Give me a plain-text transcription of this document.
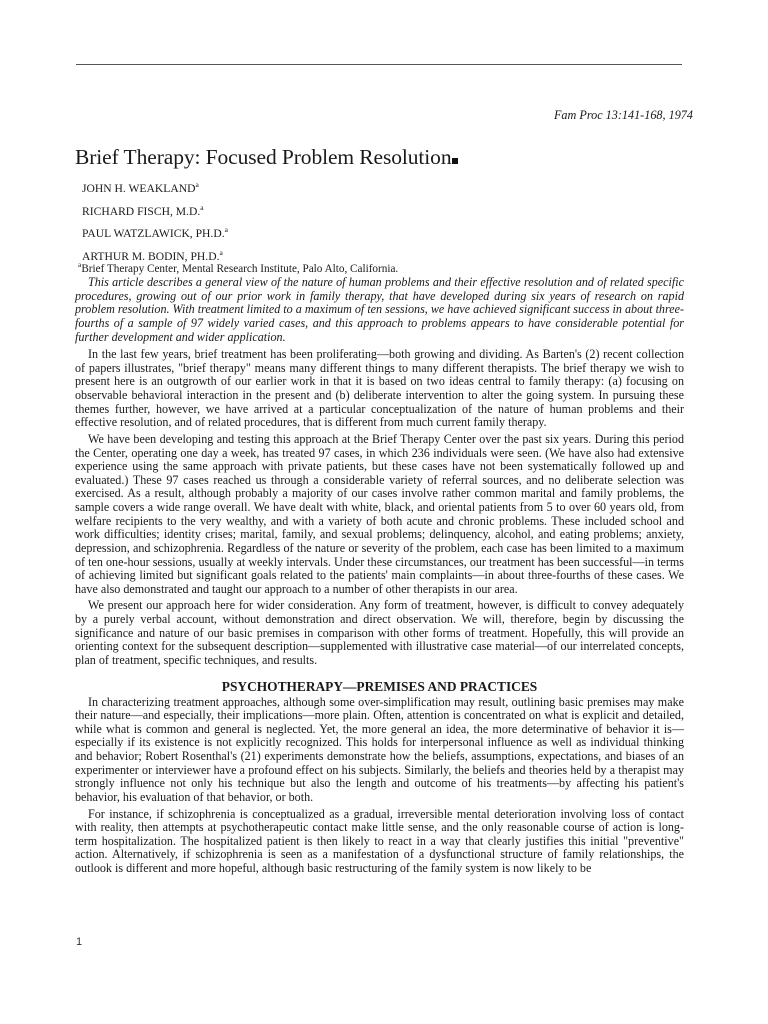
Fam Proc 13:141-168, 1974
Brief Therapy: Focused Problem Resolution
JOHN H. WEAKLAND$^a$
RICHARD FISCH, M.D.$^a$
PAUL WATZLAWICK, PH.D.$^a$
ARTHUR M. BODIN, PH.D.$^a$
$^a$Brief Therapy Center, Mental Research Institute, Palo Alto, California.

This article describes a general view of the nature of human problems and their effective resolution and of related specific procedures, growing out of our prior work in family therapy, that have developed during six years of research on rapid problem resolution. With treatment limited to a maximum of ten sessions, we have achieved significant success in about three-fourths of a sample of 97 widely varied cases, and this approach to problems appears to have considerable potential for further development and wider application.

In the last few years, brief treatment has been proliferating—both growing and dividing. As Barten's (2) recent collection of papers illustrates, "brief therapy" means many different things to many different therapists. The brief therapy we wish to present here is an outgrowth of our earlier work in that it is based on two ideas central to family therapy: (a) focusing on observable behavioral interaction in the present and (b) deliberate intervention to alter the going system. In pursuing these themes further, however, we have arrived at a particular conceptualization of the nature of human problems and their effective resolution, and of related procedures, that is different from much current family therapy.

We have been developing and testing this approach at the Brief Therapy Center over the past six years. During this period the Center, operating one day a week, has treated 97 cases, in which 236 individuals were seen. (We have also had extensive experience using the same approach with private patients, but these cases have not been systematically followed up and evaluated.) These 97 cases reached us through a considerable variety of referral sources, and no deliberate selection was exercised. As a result, although probably a majority of our cases involve rather common marital and family problems, the sample covers a wide range overall. We have dealt with white, black, and oriental patients from 5 to over 60 years old, from welfare recipients to the very wealthy, and with a variety of both acute and chronic problems. These included school and work difficulties; identity crises; marital, family, and sexual problems; delinquency, alcohol, and eating problems; anxiety, depression, and schizophrenia. Regardless of the nature or severity of the problem, each case has been limited to a maximum of ten one-hour sessions, usually at weekly intervals. Under these circumstances, our treatment has been successful—in terms of achieving limited but significant goals related to the patients' main complaints—in about three-fourths of these cases. We have also demonstrated and taught our approach to a number of other therapists in our area.

We present our approach here for wider consideration. Any form of treatment, however, is difficult to convey adequately by a purely verbal account, without demonstration and direct observation. We will, therefore, begin by discussing the significance and nature of our basic premises in comparison with other forms of treatment. Hopefully, this will provide an orienting context for the subsequent description—supplemented with illustrative case material—of our interrelated concepts, plan of treatment, specific techniques, and results.

PSYCHOTHERAPY—PREMISES AND PRACTICES

In characterizing treatment approaches, although some over-simplification may result, outlining basic premises may make their nature—and especially, their implications—more plain. Often, attention is concentrated on what is explicit and detailed, while what is common and general is neglected. Yet, the more general an idea, the more determinative of behavior it is—especially if its existence is not explicitly recognized. This holds for interpersonal influence as well as individual thinking and behavior; Robert Rosenthal's (21) experiments demonstrate how the beliefs, assumptions, expectations, and biases of an experimenter or interviewer have a profound effect on his subjects. Similarly, the beliefs and theories held by a therapist may strongly influence not only his technique but also the length and outcome of his treatments—by affecting his patient's behavior, his evaluation of that behavior, or both.

For instance, if schizophrenia is conceptualized as a gradual, irreversible mental deterioration involving loss of contact with reality, then attempts at psychotherapeutic contact make little sense, and the only reasonable course of action is long-term hospitalization. The hospitalized patient is then likely to react in a way that clearly justifies this initial "preventive" action. Alternatively, if schizophrenia is seen as a manifestation of a dysfunctional structure of family relationships, the outlook is different and more hopeful, although basic restructuring of the family system is now likely to be

1
